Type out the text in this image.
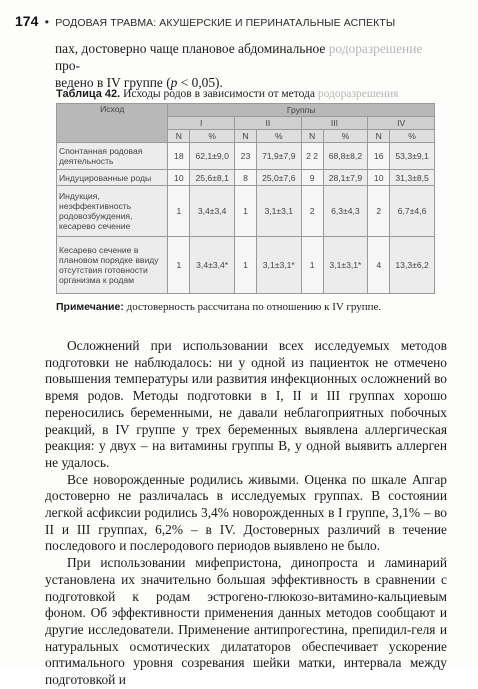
174 • РОДОВАЯ ТРАВМА: АКУШЕРСКИЕ И ПЕРИНАТАЛЬНЫЕ АСПЕКТЫ
пах, достоверно чаще плановое абдоминальное родоразрешение про-
ведено в IV группе (p < 0,05).
Таблица 42. Исходы родов в зависимости от метода родоразрешения
Исход	Группы							
	I		II		III		IV	
	N	%	N	%	N	%	N	%
Спонтанная родовая деятельность	18	62,1±9,0	23	71,9±7,9	2 2	68,8±8,2	16	53,3±9,1
Индуцированные роды	10	25,6±8,1	8	25,0±7,6	9	28,1±7,9	10	31,3±8,5
Индукция, неэффективность родовозбуждения, кесарево сечение	1	3,4±3,4	1	3,1±3,1	2	6,3±4,3	2	6,7±4,6
Кесарево сечение в плановом порядке ввиду отсутствия готовности организма к родам	1	3,4±3,4*	1	3,1±3,1*	1	3,1±3,1*	4	13,3±6,2
Примечание: достоверность рассчитана по отношению к IV группе.

Осложнений при использовании всех исследуемых методов подготовки не наблюдалось: ни у одной из пациенток не отмечено повышения температуры или развития инфекционных осложнений во время родов. Методы подготовки в I, II и III группах хорошо переносились беременными, не давали неблагоприятных побочных реакций, в IV группе у трех беременных выявлена аллергическая реакция: у двух – на витамины группы В, у одной выявить аллерген не удалось.

Все новорожденные родились живыми. Оценка по шкале Апгар достоверно не различалась в исследуемых группах. В состоянии легкой асфиксии родились 3,4% новорожденных в I группе, 3,1% – во II и III группах, 6,2% – в IV. Достоверных различий в течение последового и послеродового периодов выявлено не было.

При использовании мифепристона, динопроста и ламинарий установлена их значительно большая эффективность в сравнении с подготовкой к родам эстрогено-глюкозо-витамино-кальциевым фоном. Об эффективности применения данных методов сообщают и другие исследователи. Применение антипрогестина, препидил-геля и натуральных осмотических дилататоров обеспечивает ускорение оптимального уровня созревания шейки матки, интервала между подготовкой и
